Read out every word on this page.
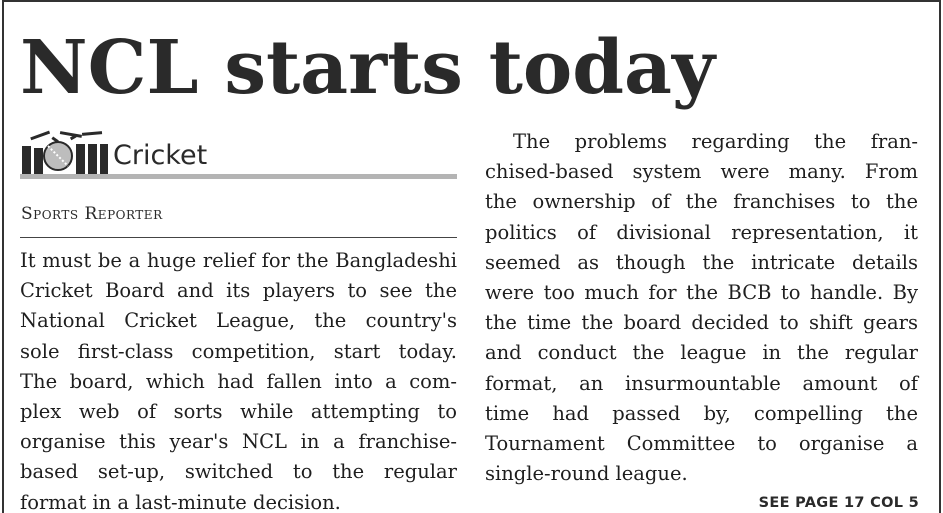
NCL starts today
Cricket
Sports Reporter
It must be a huge relief for the Bangladeshi
Cricket Board and its players to see the
National Cricket League, the country's
sole first-class competition, start today.
The board, which had fallen into a com-
plex web of sorts while attempting to
organise this year's NCL in a franchise-
based set-up, switched to the regular
format in a last-minute decision.
The problems regarding the fran-
chised-based system were many. From
the ownership of the franchises to the
politics of divisional representation, it
seemed as though the intricate details
were too much for the BCB to handle. By
the time the board decided to shift gears
and conduct the league in the regular
format, an insurmountable amount of
time had passed by, compelling the
Tournament Committee to organise a
single-round league.
SEE PAGE 17 COL 5
